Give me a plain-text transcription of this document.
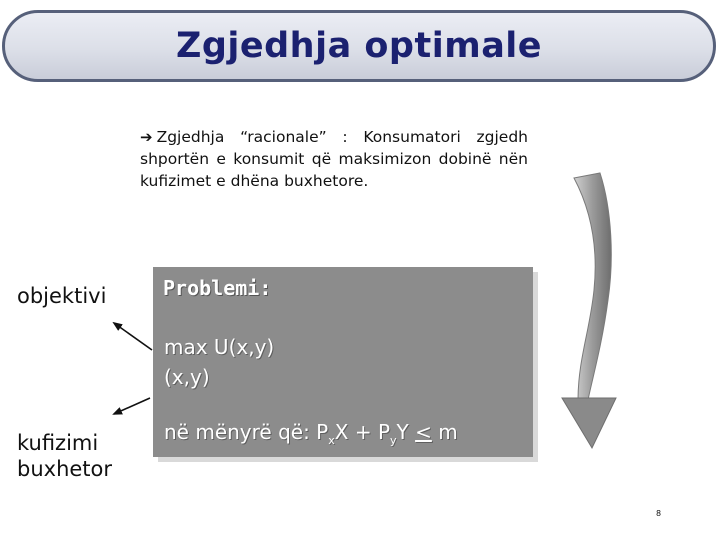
Zgjedhja optimale
➔ Zgjedhja “racionale” : Konsumatori zgjedh shportën e konsumit që maksimizon dobinë nën kufizimet e dhëna buxhetore.
objektivi
kufizimi
buxhetor
Problemi:
max U(x,y)
(x,y)
në mënyrë që: $P_xX + P_yY \le m$
8
